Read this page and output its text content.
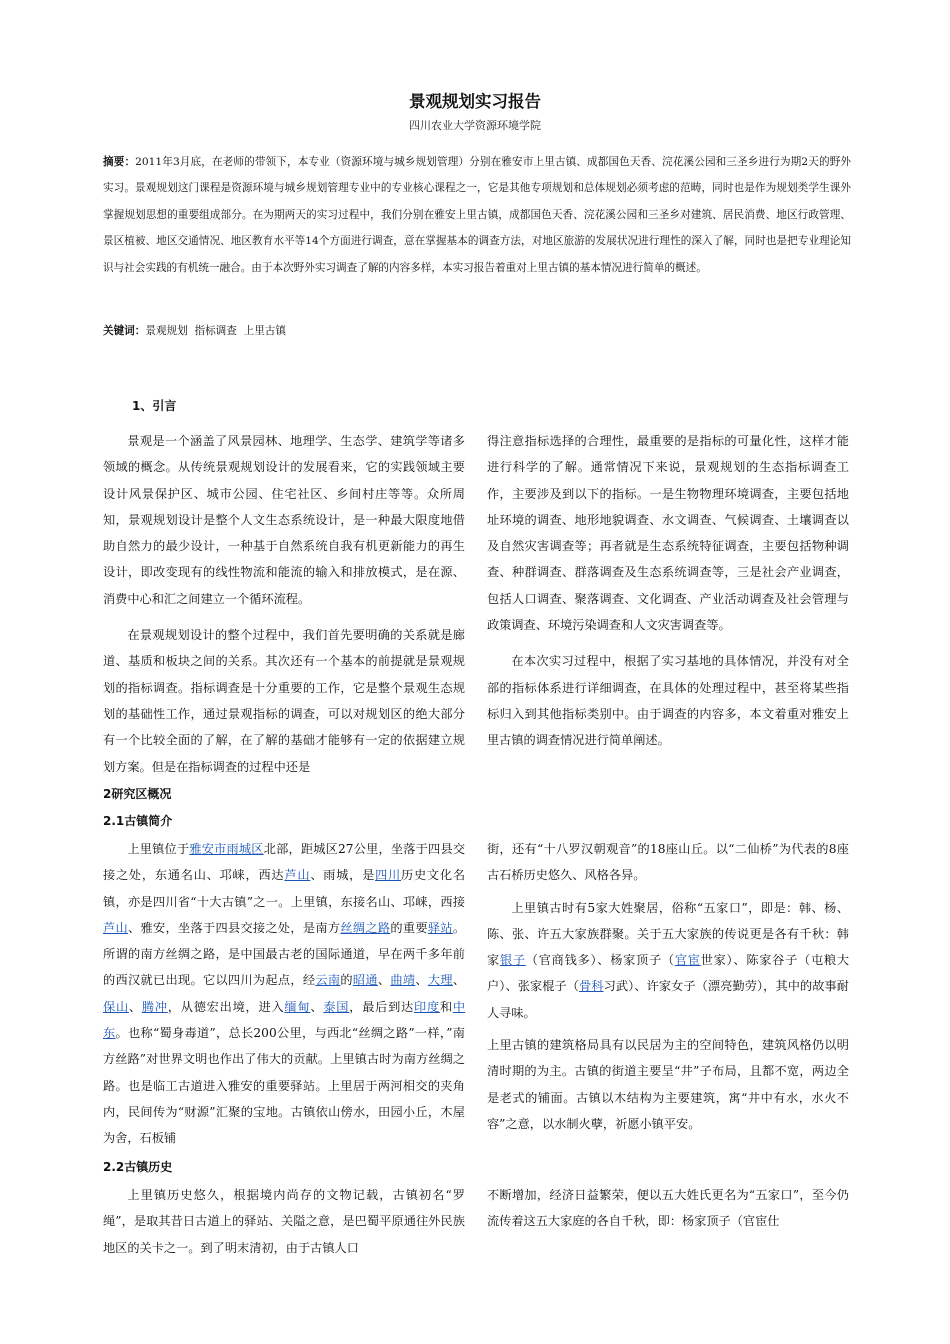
景观规划实习报告
四川农业大学资源环境学院
摘要：2011年3月底，在老师的带领下，本专业（资源环境与城乡规划管理）分别在雅安市上里古镇、成都国色天香、浣花溪公园和三圣乡进行为期2天的野外实习。景观规划这门课程是资源环境与城乡规划管理专业中的专业核心课程之一，它是其他专项规划和总体规划必须考虑的范畴，同时也是作为规划类学生课外掌握规划思想的重要组成部分。在为期两天的实习过程中，我们分别在雅安上里古镇，成都国色天香、浣花溪公园和三圣乡对建筑、居民消费、地区行政管理、景区植被、地区交通情况、地区教育水平等14个方面进行调查，意在掌握基本的调查方法，对地区旅游的发展状况进行理性的深入了解，同时也是把专业理论知识与社会实践的有机统一融合。由于本次野外实习调查了解的内容多样，本实习报告着重对上里古镇的基本情况进行简单的概述。
关键词：景观规划  指标调查  上里古镇
1、引言

景观是一个涵盖了风景园林、地理学、生态学、建筑学等诸多领域的概念。从传统景观规划设计的发展看来，它的实践领域主要设计风景保护区、城市公园、住宅社区、乡间村庄等等。众所周知，景观规划设计是整个人文生态系统设计，是一种最大限度地借助自然力的最少设计，一种基于自然系统自我有机更新能力的再生设计，即改变现有的线性物流和能流的输入和排放模式，是在源、消费中心和汇之间建立一个循环流程。

在景观规划设计的整个过程中，我们首先要明确的关系就是廊道、基质和板块之间的关系。其次还有一个基本的前提就是景观规划的指标调查。指标调查是十分重要的工作，它是整个景观生态规划的基础性工作，通过景观指标的调查，可以对规划区的绝大部分有一个比较全面的了解，在了解的基础才能够有一定的依据建立规划方案。但是在指标调查的过程中还是

得注意指标选择的合理性，最重要的是指标的可量化性，这样才能进行科学的了解。通常情况下来说，景观规划的生态指标调查工作，主要涉及到以下的指标。一是生物物理环境调查，主要包括地址环境的调查、地形地貌调查、水文调查、气候调查、土壤调查以及自然灾害调查等；再者就是生态系统特征调查，主要包括物种调查、种群调查、群落调查及生态系统调查等，三是社会产业调查，包括人口调查、聚落调查、文化调查、产业活动调查及社会管理与政策调查、环境污染调查和人文灾害调查等。

在本次实习过程中，根据了实习基地的具体情况，并没有对全部的指标体系进行详细调查，在具体的处理过程中，甚至将某些指标归入到其他指标类别中。由于调查的内容多，本文着重对雅安上里古镇的调查情况进行简单阐述。

2研究区概况
2.1古镇简介

上里镇位于雅安市雨城区北部，距城区27公里，坐落于四县交接之处，东通名山、邛崃，西达芦山、雨城，是四川历史文化名镇，亦是四川省“十大古镇”之一。上里镇，东接名山、邛崃，西接芦山、雅安，坐落于四县交接之处，是南方丝绸之路的重要驿站。所谓的南方丝绸之路，是中国最古老的国际通道，早在两千多年前的西汉就已出现。它以四川为起点，经云南的昭通、曲靖、大理、保山、腾冲，从德宏出境，进入缅甸、泰国，最后到达印度和中东。也称“蜀身毒道”，总长200公里，与西北“丝绸之路”一样，”南方丝路”对世界文明也作出了伟大的贡献。上里镇古时为南方丝绸之路。也是临工古道进入雅安的重要驿站。上里居于两河相交的夹角内，民间传为“财源”汇聚的宝地。古镇依山傍水，田园小丘，木屋为舍，石板铺

街，还有“十八罗汉朝观音”的18座山丘。以“二仙桥”为代表的8座古石桥历史悠久、风格各异。

上里镇古时有5家大姓聚居，俗称“五家口”，即是：韩、杨、陈、张、许五大家族群聚。关于五大家族的传说更是各有千秋：韩家银子（官商钱多）、杨家顶子（官宦世家）、陈家谷子（屯粮大户）、张家棍子（骨科习武）、许家女子（漂亮勤劳），其中的故事耐人寻味。

上里古镇的建筑格局具有以民居为主的空间特色，建筑风格仍以明清时期的为主。古镇的街道主要呈“井”子布局，且都不宽，两边全是老式的铺面。古镇以木结构为主要建筑，寓“井中有水，水火不容”之意，以水制火孽，祈愿小镇平安。

2.2古镇历史

上里镇历史悠久，根据境内尚存的文物记载，古镇初名“罗绳”，是取其昔日古道上的驿站、关隘之意，是巴蜀平原通往外民族地区的关卡之一。到了明末清初，由于古镇人口

不断增加，经济日益繁荣，便以五大姓氏更名为“五家口”，至今仍流传着这五大家庭的各自千秋，即：杨家顶子（官宦仕
